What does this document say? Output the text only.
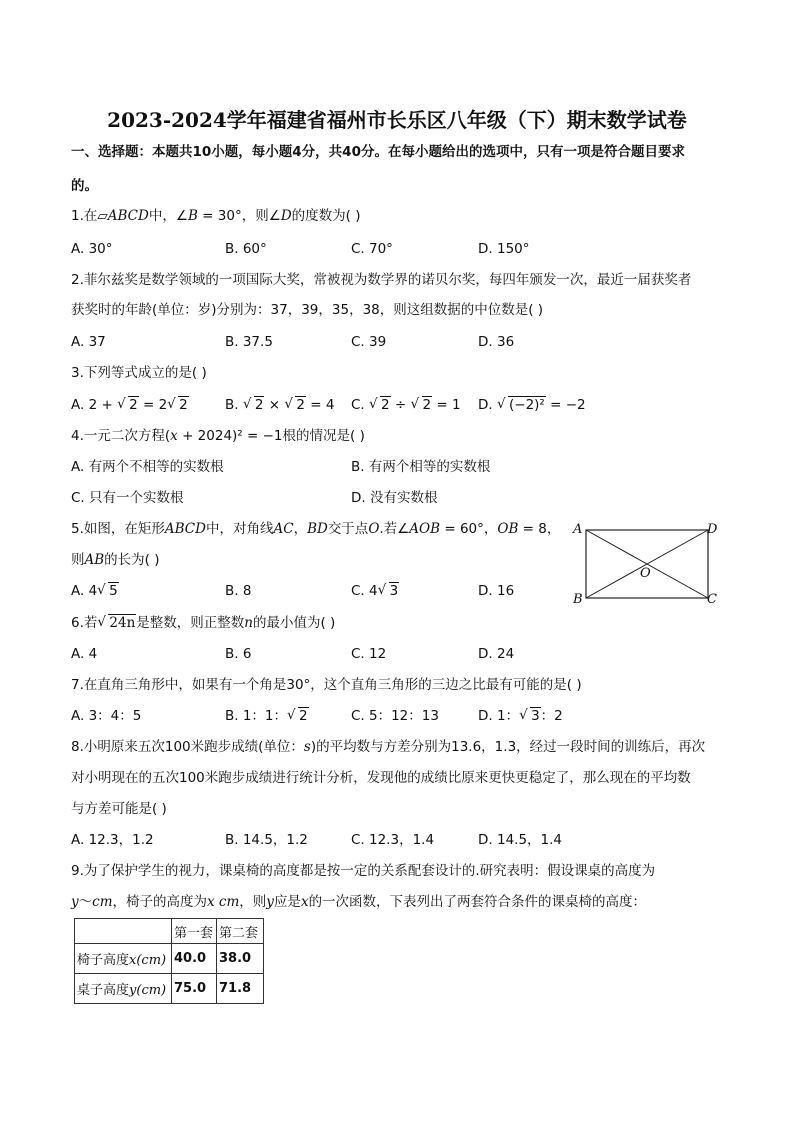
2023-2024学年福建省福州市长乐区八年级（下）期末数学试卷
一、选择题：本题共10小题，每小题4分，共40分。在每小题给出的选项中，只有一项是符合题目要求
的。
1.在▱ABCD中，∠B = 30°，则∠D的度数为( )
A. 30°	B. 60°	C. 70°	D. 150°
2.菲尔兹奖是数学领域的一项国际大奖，常被视为数学界的诺贝尔奖，每四年颁发一次，最近一届获奖者
获奖时的年龄(单位：岁)分别为：37，39，35，38，则这组数据的中位数是( )
A. 37	B. 37.5	C. 39	D. 36
3.下列等式成立的是( )
A. 2 + √ 2 = 2 √ 2	B. √ 2 × √ 2 = 4 C. √ 2 ÷ √ 2 = 1 D. √ (−2)² = −2
4.一元二次方程(x + 2024)² = −1根的情况是( )
A. 有两个不相等的实数根	B. 有两个相等的实数根
C. 只有一个实数根	D. 没有实数根
5.如图，在矩形ABCD中，对角线AC，BD交于点O.若∠AOB = 60°，OB = 8，
则AB的长为( )
A. 4 √ 5	B. 8	C. 4 √ 3	D. 16
A	D
B	C
O
6.若 √ 24n是整数，则正整数n的最小值为( )
A. 4	B. 6	C. 12	D. 24
7.在直角三角形中，如果有一个角是30°，这个直角三角形的三边之比最有可能的是( )
A. 3：4：5	B. 1：1： √ 2	C. 5：12：13	D. 1： √ 3：2
8.小明原来五次100米跑步成绩(单位：s)的平均数与方差分别为13.6，1.3，经过一段时间的训练后，再次
对小明现在的五次100米跑步成绩进行统计分析，发现他的成绩比原来更快更稳定了，那么现在的平均数
与方差可能是( )
A. 12.3，1.2	B. 14.5，1.2	C. 12.3，1.4	D. 14.5，1.4
9.为了保护学生的视力，课桌椅的高度都是按一定的关系配套设计的.研究表明：假设课桌的高度为
y～cm，椅子的高度为x cm，则y应是x的一次函数，下表列出了两套符合条件的课桌椅的高度：
	第一套	第二套
椅子高度x(cm)	40.0	38.0
桌子高度y(cm)	75.0	71.8
